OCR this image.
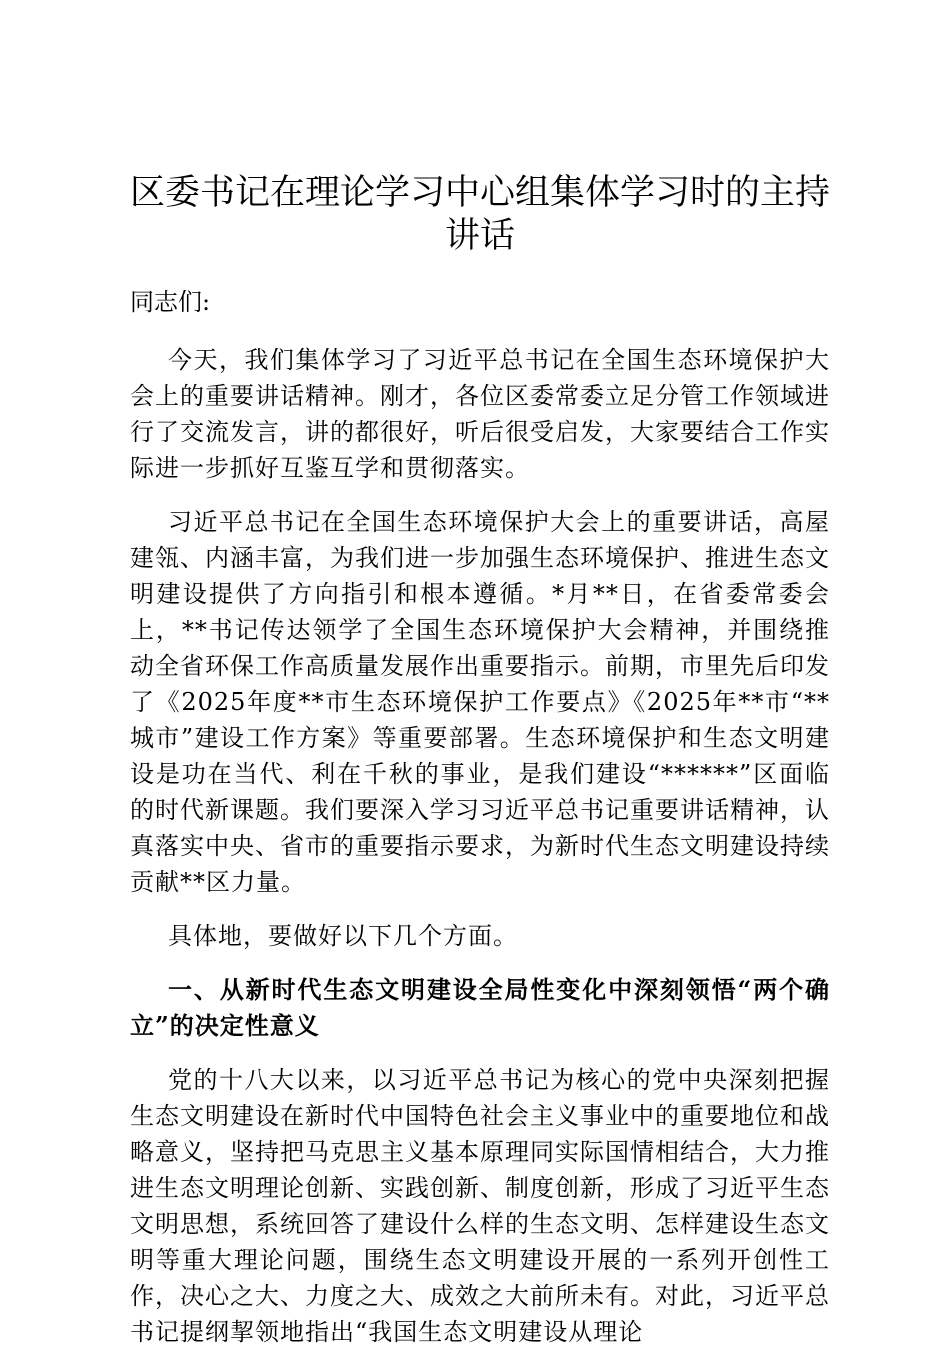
区委书记在理论学习中心组集体学习时的主持讲话
同志们:

今天，我们集体学习了习近平总书记在全国生态环境保护大会上的重要讲话精神。刚才，各位区委常委立足分管工作领域进行了交流发言，讲的都很好，听后很受启发，大家要结合工作实际进一步抓好互鉴互学和贯彻落实。

习近平总书记在全国生态环境保护大会上的重要讲话，高屋建瓴、内涵丰富，为我们进一步加强生态环境保护、推进生态文明建设提供了方向指引和根本遵循。*月**日，在省委常委会上，**书记传达领学了全国生态环境保护大会精神，并围绕推动全省环保工作高质量发展作出重要指示。前期，市里先后印发了《2025年度**市生态环境保护工作要点》《2025年**市“**城市”建设工作方案》等重要部署。生态环境保护和生态文明建设是功在当代、利在千秋的事业，是我们建设“******”区面临的时代新课题。我们要深入学习习近平总书记重要讲话精神，认真落实中央、省市的重要指示要求，为新时代生态文明建设持续贡献**区力量。

具体地，要做好以下几个方面。

一、从新时代生态文明建设全局性变化中深刻领悟“两个确立”的决定性意义

党的十八大以来，以习近平总书记为核心的党中央深刻把握生态文明建设在新时代中国特色社会主义事业中的重要地位和战略意义，坚持把马克思主义基本原理同实际国情相结合，大力推进生态文明理论创新、实践创新、制度创新，形成了习近平生态文明思想，系统回答了建设什么样的生态文明、怎样建设生态文明等重大理论问题，围绕生态文明建设开展的一系列开创性工作，决心之大、力度之大、成效之大前所未有。对此，习近平总书记提纲挈领地指出“我国生态文明建设从理论
